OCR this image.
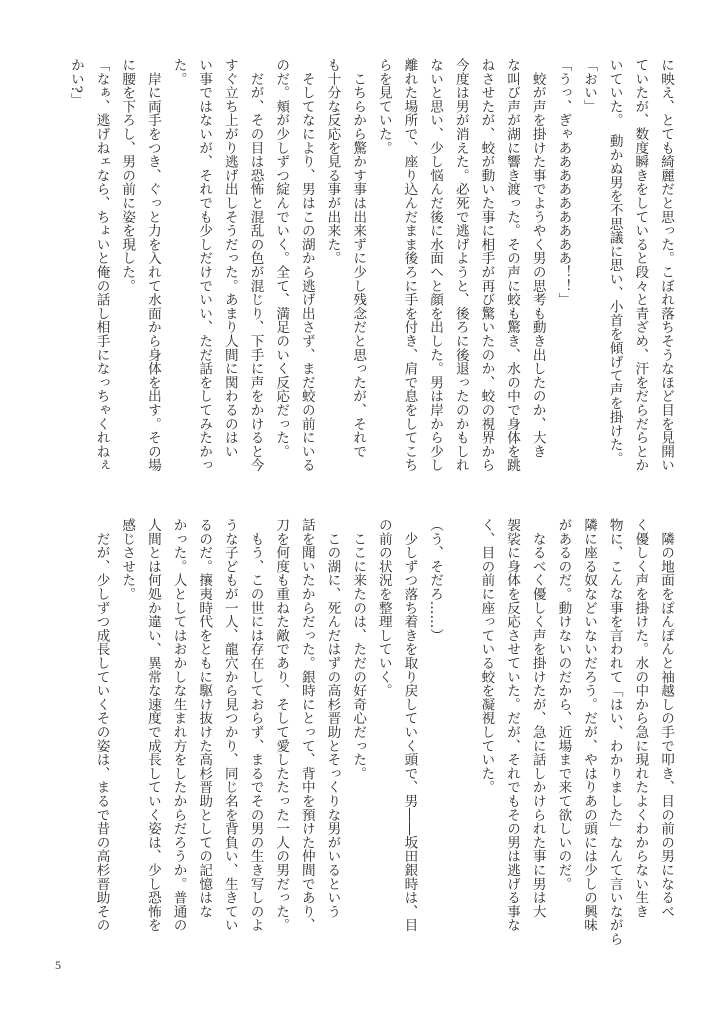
に映え、とても綺麗だと思った。こぼれ落ちそうなほど目を見開い
ていたが、数度瞬きをしていると段々と青ざめ、汗をだらだらとか
いていた。　動かぬ男を不思議に思い、小首を傾げて声を掛けた。
「おい」
「うっ、ぎゃあああああああああ！！」
　蛟が声を掛けた事でようやく男の思考も動き出したのか、大き
な叫び声が湖に響き渡った。その声に蛟も驚き、水の中で身体を跳
ねさせたが、蛟が動いた事に相手が再び驚いたのか、蛟の視界から
今度は男が消えた。必死で逃げようと、後ろに後退ったのかもしれ
ないと思い、少し悩んだ後に水面へと顔を出した。男は岸から少し
離れた場所で、座り込んだまま後ろに手を付き、肩で息をしてこち
らを見ていた。
　こちらから驚かす事は出来ずに少し残念だと思ったが、それで
も十分な反応を見る事が出来た。
　そしてなにより、男はこの湖から逃げ出さず、まだ蛟の前にいる
のだ。頬が少しずつ綻んでいく。全て、満足のいく反応だった。
　だが、その目は恐怖と混乱の色が混じり、下手に声をかけると今
すぐ立ち上がり逃げ出しそうだった。あまり人間に関わるのはい
い事ではないが、それでも少しだけでいい、ただ話をしてみたかっ
た。
　岸に両手をつき、ぐっと力を入れて水面から身体を出す。その場
に腰を下ろし、男の前に姿を現した。
「なぁ、逃げねェなら、ちょいと俺の話し相手になっちゃくれねぇ
かい?」
　隣の地面をぽんぽんと袖越しの手で叩き、目の前の男になるべ
く優しく声を掛けた。水の中から急に現れたよくわからない生き
物に、こんな事を言われて「はい、わかりました」なんて言いながら
隣に座る奴などいないだろう。だが、やはりあの頭には少しの興味
があるのだ。動けないのだから、近場まで来て欲しいのだ。
　なるべく優しく声を掛けたが、急に話しかけられた事に男は大
袈裟に身体を反応させていた。だが、それでもその男は逃げる事な
く、目の前に座っている蛟を凝視していた。
（う、そだろ……）
　少しずつ落ち着きを取り戻していく頭で、男――坂田銀時は、目
の前の状況を整理していく。
　ここに来たのは、ただの好奇心だった。
　この湖に、死んだはずの高杉晋助とそっくりな男がいるという
話を聞いたからだった。銀時にとって、背中を預けた仲間であり、
刀を何度も重ねた敵であり、そして愛したたった一人の男だった。
　もう、この世には存在しておらず、まるでその男の生き写しのよ
うな子どもが一人、龍穴から見つかり、同じ名を背負い、生きてい
るのだ。攘夷時代をともに駆け抜けた高杉晋助としての記憶はな
かった。人としてはおかしな生まれ方をしたからだろうか。普通の
人間とは何処か違い、異常な速度で成長していく姿は、少し恐怖を
感じさせた。
　だが、少しずつ成長していくその姿は、まるで昔の高杉晋助その
5
